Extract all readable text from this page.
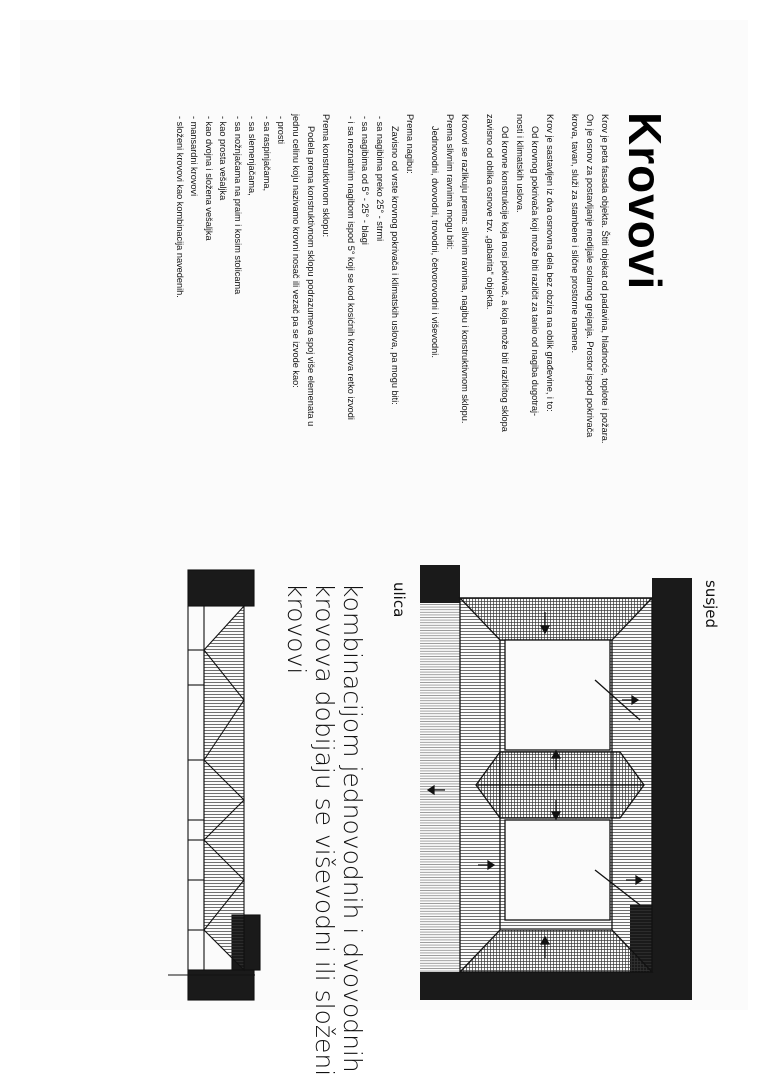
Krovovi
Krov je peta fasada objekta. Štiti objekat od padavina, hladnoće, toplote i požara.
On je osnov za postavljanje medijale solarnog grejanja. Prostor ispod pokrivača
krova, tavan, služi za stambene i slične prostorne namene.
Krov je sastavljen iz dva osnovna dela bez obzira na oblik građevine, i to:
Od krovnog pokrivača koji može biti različit za tanio od nagiba dugotraj-
nosti i klimatskih uslova.
Od krovne konstrukcije koja nosi pokrivač, a koja može biti različitog sklopa
zavisno od oblika osnove tzv. „gabarita“ objekta.
Krovovi se razlikuju prema: slivnim ravnima, nagibu i konstruktivnom sklopu.
Prema slivnim ravnima mogu biti:
Jednovodni, dvovodni, trovodni, četvorovodni i viševodni.
Prema nagibu:
Zavisno od vrste krovnog pokrivača i klimatskih uslova, pa mogu biti:
- sa nagibima preko 25° - strmi
- sa nagibima od 5° - 25° - blagi
- i sa neznatnim nagibom ispod 5° koji se kod kosićnih krovova retko izvodi
Prema konstruktivnom sklopu:
Podela prema konstruktivnom sklopu podrazumeva spoj više elemenata u
jednu celinu koju nazivamo krovni nosač ili vezač pa se izvode kao:
- prosti
- sa raspinjačama,
- sa slemenjačama,
- sa nožnjačama na praim i kosim stolicama
- kao prosta vešaljka
- kao dvojna i složena vešaljka
- mansardni krovovi
- složeni krovovi kao kombinacija navedenih.
susjed
ulica
kombinacijom jednovodnih i dvovodnih
krovova dobijaju se viševodni ili složeni
krovovi
